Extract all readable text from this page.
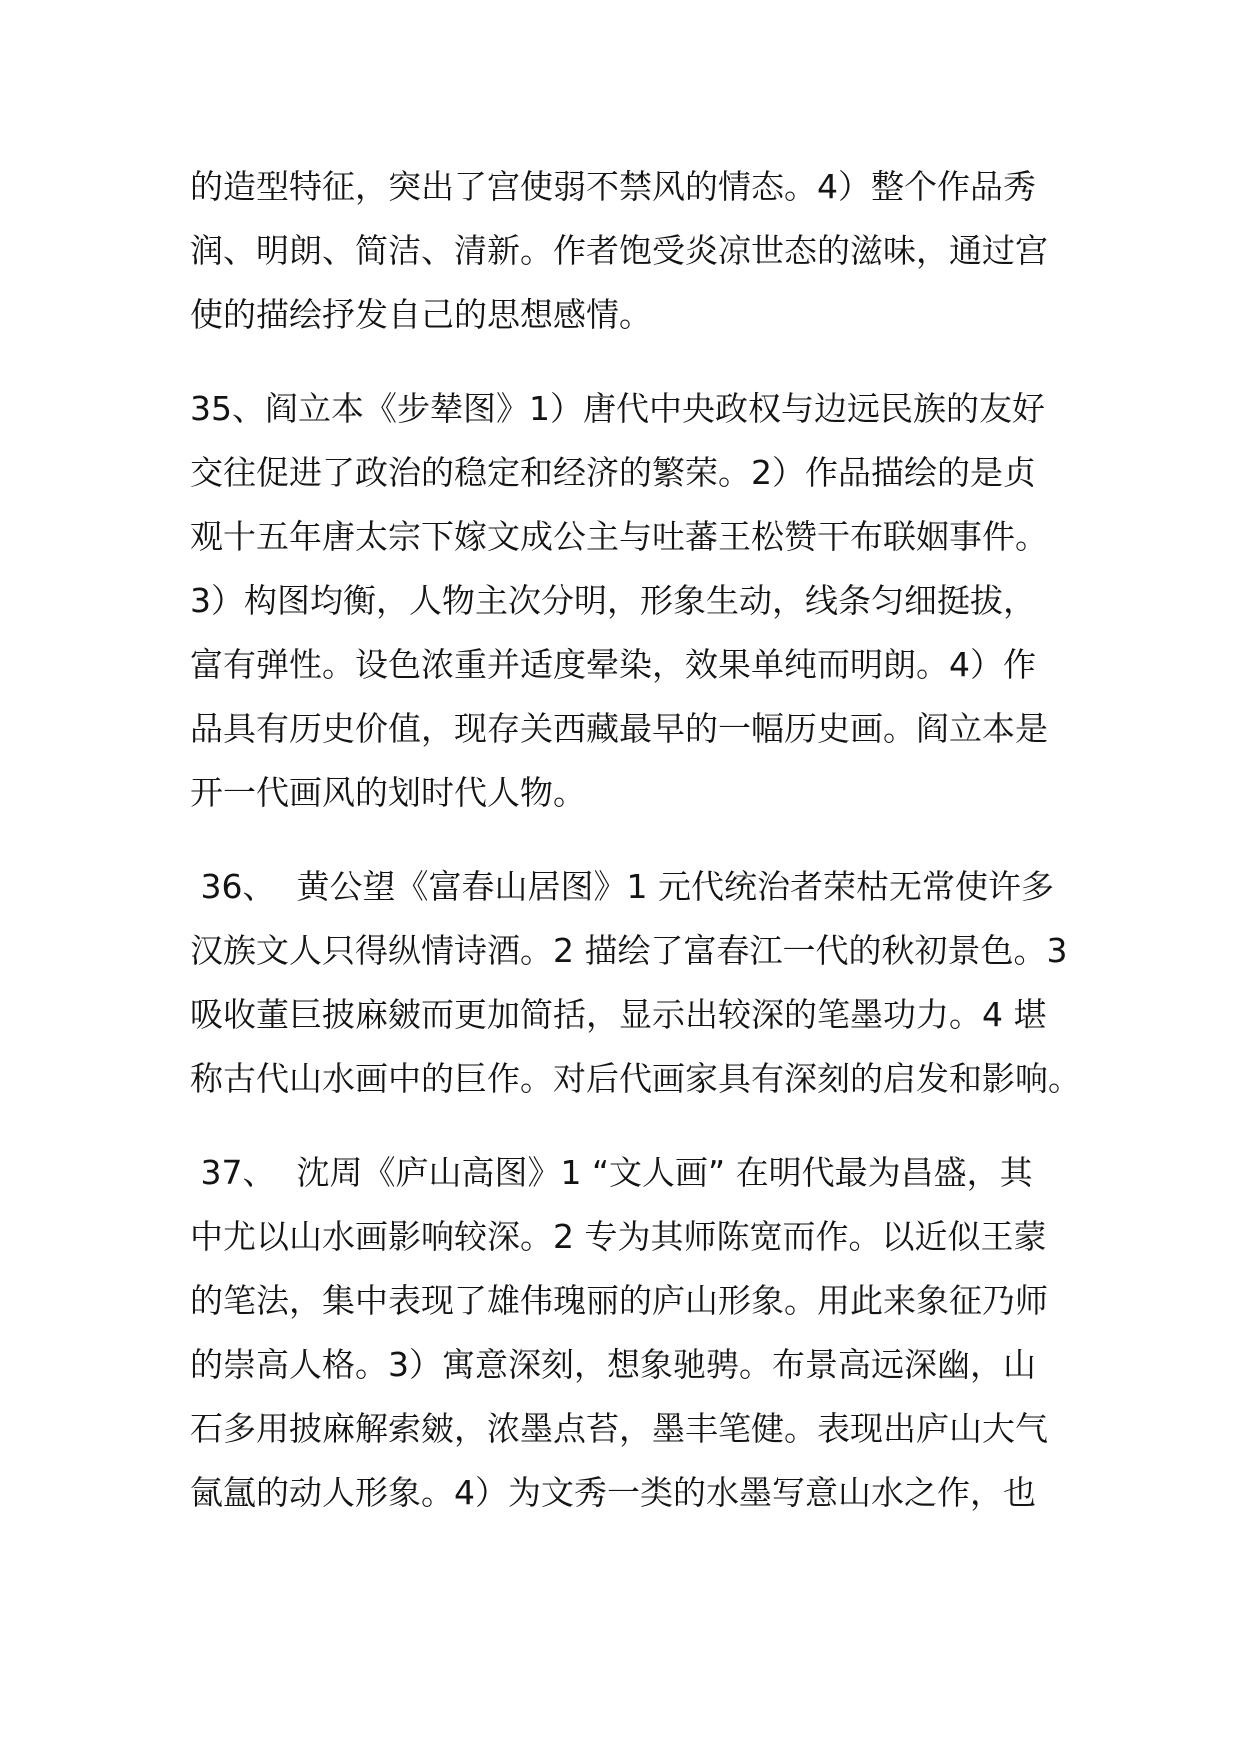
的造型特征，突出了宫使弱不禁风的情态。4）整个作品秀
润、明朗、简洁、清新。作者饱受炎凉世态的滋味，通过宫
使的描绘抒发自己的思想感情。
35、阎立本《步辇图》1）唐代中央政权与边远民族的友好
交往促进了政治的稳定和经济的繁荣。2）作品描绘的是贞
观十五年唐太宗下嫁文成公主与吐蕃王松赞干布联姻事件。
3）构图均衡，人物主次分明，形象生动，线条匀细挺拔，
富有弹性。设色浓重并适度晕染，效果单纯而明朗。4）作
品具有历史价值，现存关西藏最早的一幅历史画。阎立本是
开一代画风的划时代人物。
36、  黄公望《富春山居图》1 元代统治者荣枯无常使许多
汉族文人只得纵情诗酒。2 描绘了富春江一代的秋初景色。3
吸收董巨披麻皴而更加简括，显示出较深的笔墨功力。4 堪
称古代山水画中的巨作。对后代画家具有深刻的启发和影响。
37、  沈周《庐山高图》1 “文人画” 在明代最为昌盛，其
中尤以山水画影响较深。2 专为其师陈宽而作。以近似王蒙
的笔法，集中表现了雄伟瑰丽的庐山形象。用此来象征乃师
的崇高人格。3）寓意深刻，想象驰骋。布景高远深幽，山
石多用披麻解索皴，浓墨点苔，墨丰笔健。表现出庐山大气
氤氲的动人形象。4）为文秀一类的水墨写意山水之作，也
